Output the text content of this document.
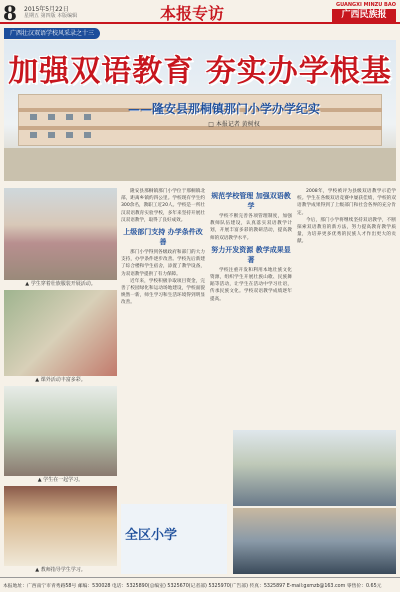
8 2015年5月22日
星期五 第四版 本版编辑	本报专访	GUANGXI MINZU BAO
广西民族报
广西壮汉双语学校风采录之十三
加强双语教育 夯实办学根基
——隆安县那桐镇那门小学办学纪实
□ 本报记者 黄树权
▲ 学生穿着壮族服装开展活动。
▲ 课外活动丰富多彩。
▲ 学生在一起学习。
▲ 教师指导学生学习。

隆安县那桐镇那门小学位于那桐镇北部，距离乡镇约四公里。学校现有学生约300余名，教职工近20人。学校是一所壮汉双语教育实验学校，多年来坚持开展壮汉双语教学，取得了良好成效。

上级部门支持 办学条件改善

那门小学得到各级政府和部门的大力支持，办学条件逐步改善。学校先后新建了综合楼和学生宿舍，添置了教学设备，为双语教学提供了有力保障。

近年来，学校积极争取项目资金，完善了校园绿化和运动场地建设，学校面貌焕然一新，师生学习和生活环境得到明显改善。

规范学校管理 加强双语教学

学校不断完善各项管理制度，加强教师队伍建设，认真落实双语教学计划，开展丰富多彩的教研活动，提高教师的双语教学水平。

努力开发资源 教学成果显著

学校注重开发和利用本地壮族文化资源，组织学生开展壮族山歌、民族舞蹈等活动，让学生在活动中学习壮语，传承民族文化。学校双语教学成绩逐年提高。

2008年，学校被评为县级双语教学示范学校。学生在各级双语竞赛中屡获佳绩，学校的双语教学成果得到了上级部门和社会各界的充分肯定。

今后，那门小学将继续坚持双语教学，不断探索双语教育的新方法，努力提高教育教学质量，为培养更多优秀的民族人才作出更大的贡献。

全区小学
本报地址：广西南宁市青秀路58号 邮编：530028 电话：5325890(总编室) 5325670(记者部) 5325970(广告部) 传真：5325897 E-mail:gxmzb@163.com 零售价：0.65元
